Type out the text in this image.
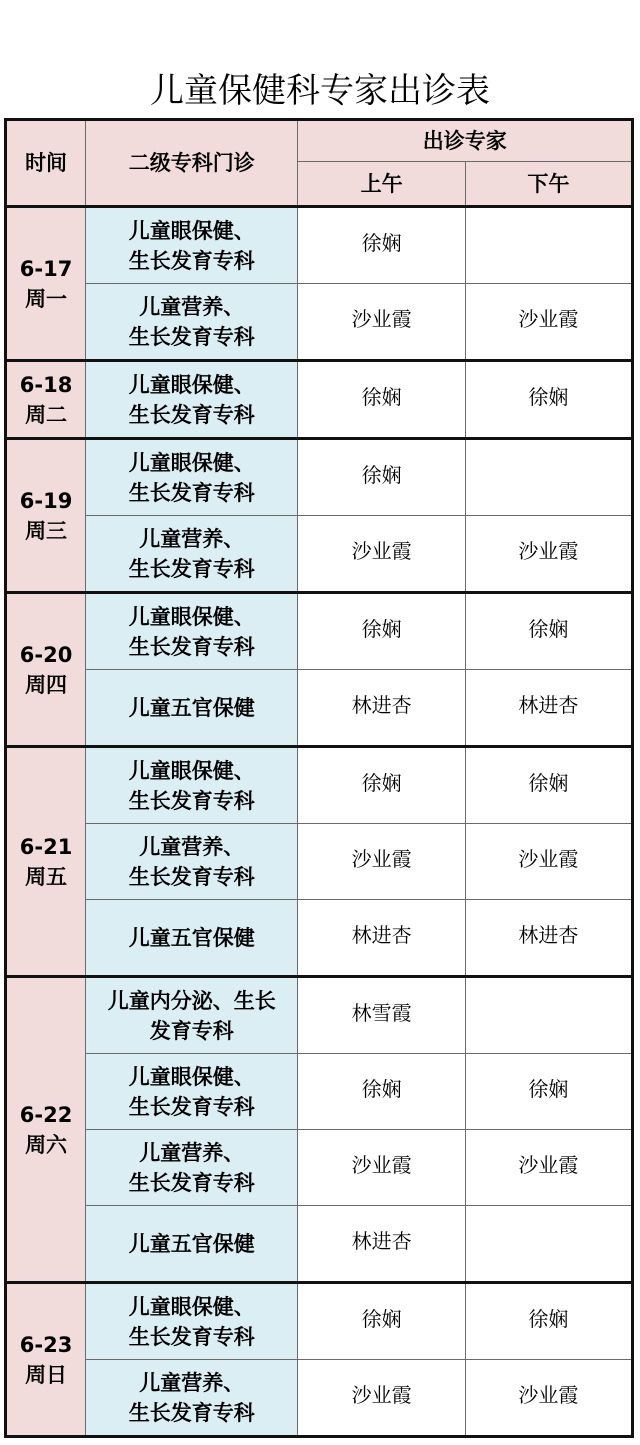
儿童保健科专家出诊表
时间	二级专科门诊	出诊专家	
		上午	下午

6-17
周一	儿童眼保健、
生长发育专科	徐娴	

	儿童营养、
生长发育专科	沙业霞	沙业霞

6-18
周二	儿童眼保健、
生长发育专科	徐娴	徐娴

6-19
周三	儿童眼保健、
生长发育专科	徐娴	

	儿童营养、
生长发育专科	沙业霞	沙业霞

6-20
周四	儿童眼保健、
生长发育专科	徐娴	徐娴

	儿童五官保健	林进杏	林进杏

6-21
周五	儿童眼保健、
生长发育专科	徐娴	徐娴

	儿童营养、
生长发育专科	沙业霞	沙业霞

	儿童五官保健	林进杏	林进杏

6-22
周六	儿童内分泌、生长
发育专科	林雪霞	

	儿童眼保健、
生长发育专科	徐娴	徐娴

	儿童营养、
生长发育专科	沙业霞	沙业霞

	儿童五官保健	林进杏	

6-23
周日	儿童眼保健、
生长发育专科	徐娴	徐娴

	儿童营养、
生长发育专科	沙业霞	沙业霞
